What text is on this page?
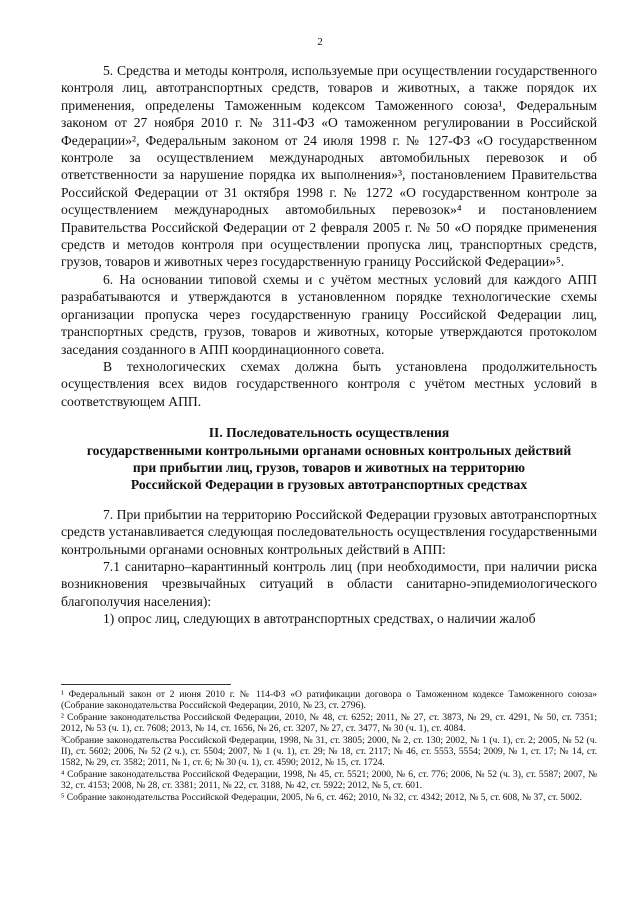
2

5. Средства и методы контроля, используемые при осуществлении государственного контроля лиц, автотранспортных средств, товаров и животных, а также порядок их применения, определены Таможенным кодексом Таможенного союза¹, Федеральным законом от 27 ноября 2010 г. № 311-ФЗ «О таможенном регулировании в Российской Федерации»², Федеральным законом от 24 июля 1998 г. № 127-ФЗ «О государственном контроле за осуществлением международных автомобильных перевозок и об ответственности за нарушение порядка их выполнения»³, постановлением Правительства Российской Федерации от 31 октября 1998 г. № 1272 «О государственном контроле за осуществлением международных автомобильных перевозок»⁴ и постановлением Правительства Российской Федерации от 2 февраля 2005 г. № 50 «О порядке применения средств и методов контроля при осуществлении пропуска лиц, транспортных средств, грузов, товаров и животных через государственную границу Российской Федерации»⁵.

6. На основании типовой схемы и с учётом местных условий для каждого АПП разрабатываются и утверждаются в установленном порядке технологические схемы организации пропуска через государственную границу Российской Федерации лиц, транспортных средств, грузов, товаров и животных, которые утверждаются протоколом заседания созданного в АПП координационного совета.

В технологических схемах должна быть установлена продолжительность осуществления всех видов государственного контроля с учётом местных условий в соответствующем АПП.

II. Последовательность осуществления
государственными контрольными органами основных контрольных действий
при прибытии лиц, грузов, товаров и животных на территорию
Российской Федерации в грузовых автотранспортных средствах

7. При прибытии на территорию Российской Федерации грузовых автотранспортных средств устанавливается следующая последовательность осуществления государственными контрольными органами основных контрольных действий в АПП:

7.1 санитарно–карантинный контроль лиц (при необходимости, при наличии риска возникновения чрезвычайных ситуаций в области санитарно-эпидемиологического благополучия населения):

1) опрос лиц, следующих в автотранспортных средствах, о наличии жалоб

¹ Федеральный закон от 2 июня 2010 г. № 114-ФЗ «О ратификации договора о Таможенном кодексе Таможенного союза» (Собрание законодательства Российской Федерации, 2010, № 23, ст. 2796).

² Собрание законодательства Российской Федерации, 2010, № 48, ст. 6252; 2011, № 27, ст. 3873, № 29, ст. 4291, № 50, ст. 7351; 2012, № 53 (ч. 1), ст. 7608; 2013, № 14, ст. 1656, № 26, ст. 3207, № 27, ст. 3477, № 30 (ч. 1), ст. 4084.

³Собрание законодательства Российской Федерации, 1998, № 31, ст. 3805; 2000, № 2, ст. 130; 2002, № 1 (ч. 1), ст. 2; 2005, № 52 (ч. II), ст. 5602; 2006, № 52 (2 ч.), ст. 5504; 2007, № 1 (ч. 1), ст. 29; № 18, ст. 2117; № 46, ст. 5553, 5554; 2009, № 1, ст. 17; № 14, ст. 1582, № 29, ст. 3582; 2011, № 1, ст. 6; № 30 (ч. 1), ст. 4590; 2012, № 15, ст. 1724.

⁴ Собрание законодательства Российской Федерации, 1998, № 45, ст. 5521; 2000, № 6, ст. 776; 2006, № 52 (ч. 3), ст. 5587; 2007, № 32, ст. 4153; 2008, № 28, ст. 3381; 2011, № 22, ст. 3188, № 42, ст. 5922; 2012, № 5, ст. 601.

⁵ Собрание законодательства Российской Федерации, 2005, № 6, ст. 462; 2010, № 32, ст. 4342; 2012, № 5, ст. 608, № 37, ст. 5002.
